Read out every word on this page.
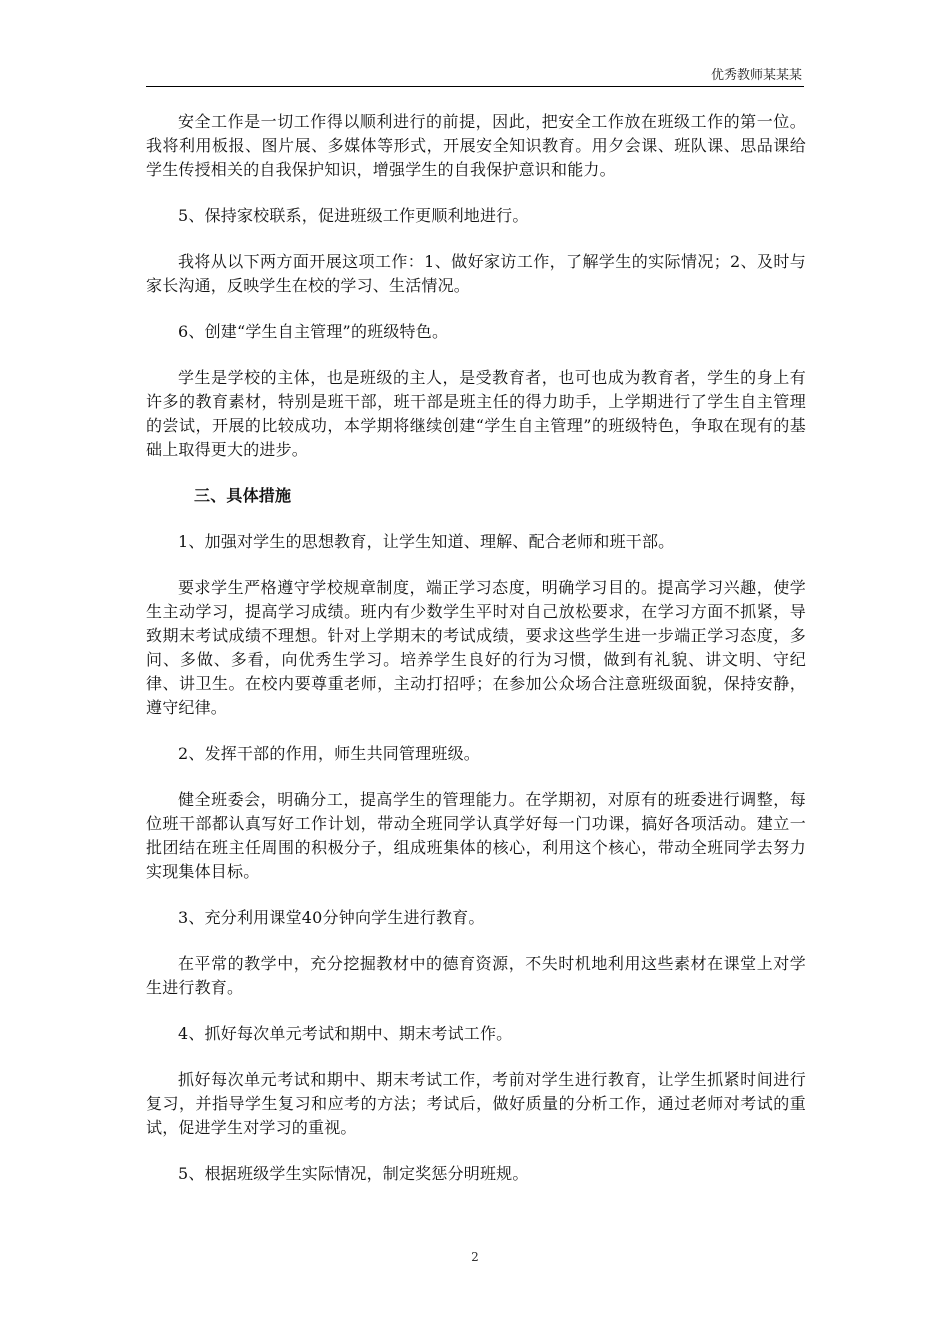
优秀教师某某某

安全工作是一切工作得以顺利进行的前提，因此，把安全工作放在班级工作的第一位。我将利用板报、图片展、多媒体等形式，开展安全知识教育。用夕会课、班队课、思品课给学生传授相关的自我保护知识，增强学生的自我保护意识和能力。

5、保持家校联系，促进班级工作更顺利地进行。

我将从以下两方面开展这项工作：1、做好家访工作，了解学生的实际情况；2、及时与家长沟通，反映学生在校的学习、生活情况。

6、创建“学生自主管理”的班级特色。

学生是学校的主体，也是班级的主人，是受教育者，也可也成为教育者，学生的身上有许多的教育素材，特别是班干部，班干部是班主任的得力助手，上学期进行了学生自主管理的尝试，开展的比较成功，本学期将继续创建“学生自主管理”的班级特色，争取在现有的基础上取得更大的进步。

三、具体措施

1、加强对学生的思想教育，让学生知道、理解、配合老师和班干部。

要求学生严格遵守学校规章制度，端正学习态度，明确学习目的。提高学习兴趣，使学生主动学习，提高学习成绩。班内有少数学生平时对自己放松要求，在学习方面不抓紧，导致期末考试成绩不理想。针对上学期末的考试成绩，要求这些学生进一步端正学习态度，多问、多做、多看，向优秀生学习。培养学生良好的行为习惯，做到有礼貌、讲文明、守纪律、讲卫生。在校内要尊重老师，主动打招呼；在参加公众场合注意班级面貌，保持安静，遵守纪律。

2、发挥干部的作用，师生共同管理班级。

健全班委会，明确分工，提高学生的管理能力。在学期初，对原有的班委进行调整，每位班干部都认真写好工作计划，带动全班同学认真学好每一门功课，搞好各项活动。建立一批团结在班主任周围的积极分子，组成班集体的核心，利用这个核心，带动全班同学去努力实现集体目标。

3、充分利用课堂40分钟向学生进行教育。

在平常的教学中，充分挖掘教材中的德育资源，不失时机地利用这些素材在课堂上对学生进行教育。

4、抓好每次单元考试和期中、期末考试工作。

抓好每次单元考试和期中、期末考试工作，考前对学生进行教育，让学生抓紧时间进行复习，并指导学生复习和应考的方法；考试后，做好质量的分析工作，通过老师对考试的重试，促进学生对学习的重视。

5、根据班级学生实际情况，制定奖惩分明班规。

2
